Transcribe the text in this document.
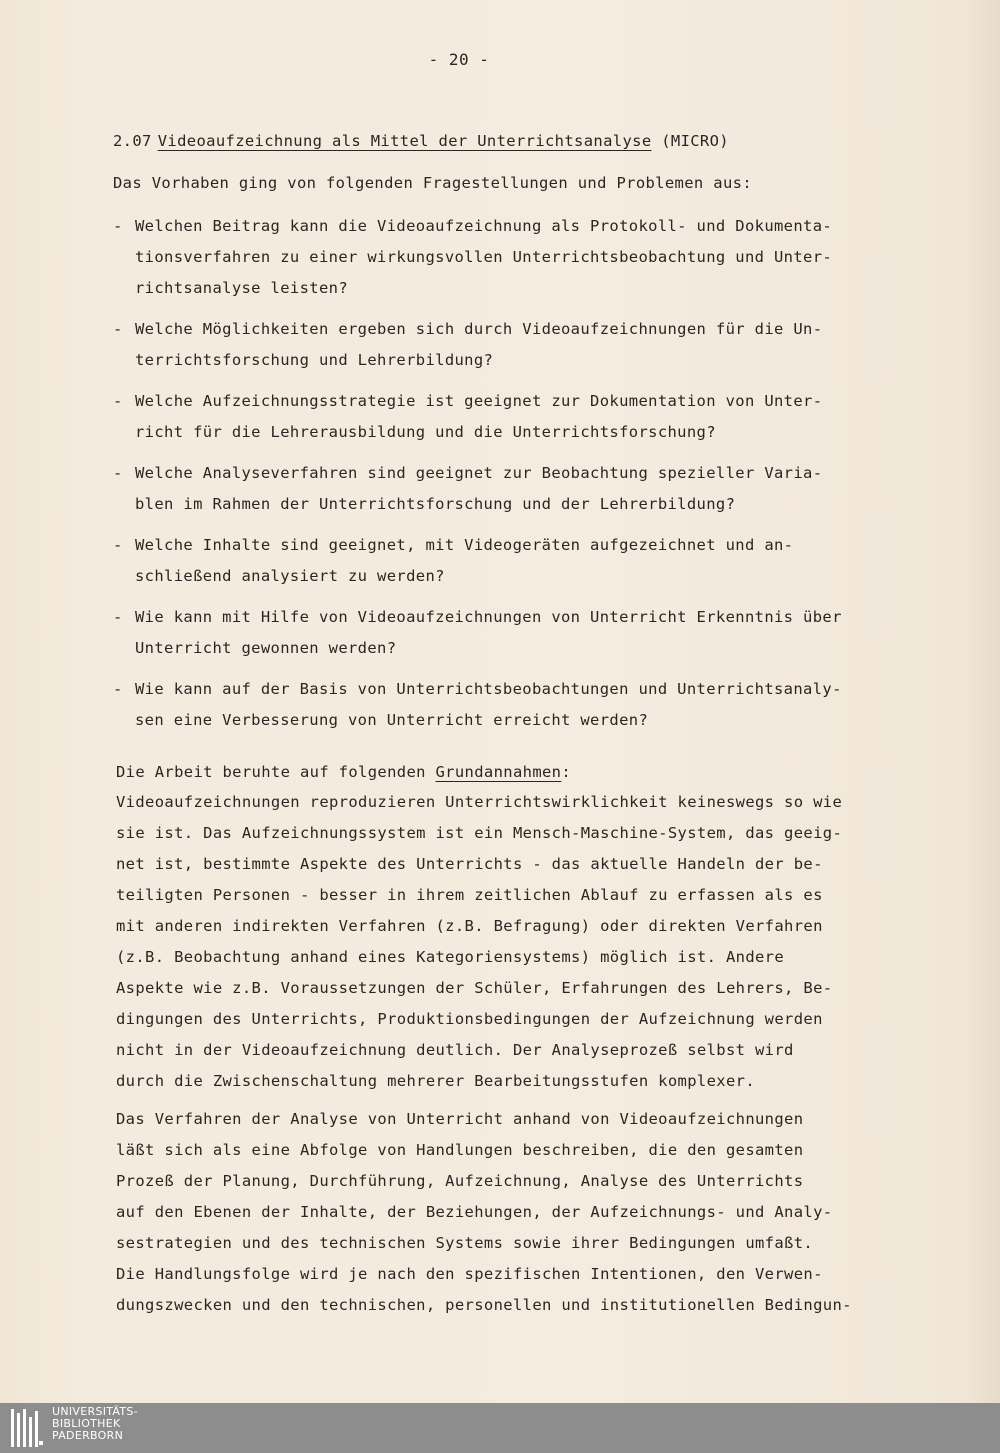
- 20 -
2.07 Videoaufzeichnung als Mittel der Unterrichtsanalyse (MICRO)
Das Vorhaben ging von folgenden Fragestellungen und Problemen aus:
- Welchen Beitrag kann die Videoaufzeichnung als Protokoll- und Dokumenta-
tionsverfahren zu einer wirkungsvollen Unterrichtsbeobachtung und Unter-
richtsanalyse leisten?
- Welche Möglichkeiten ergeben sich durch Videoaufzeichnungen für die Un-
terrichtsforschung und Lehrerbildung?
- Welche Aufzeichnungsstrategie ist geeignet zur Dokumentation von Unter-
richt für die Lehrerausbildung und die Unterrichtsforschung?
- Welche Analyseverfahren sind geeignet zur Beobachtung spezieller Varia-
blen im Rahmen der Unterrichtsforschung und der Lehrerbildung?
- Welche Inhalte sind geeignet, mit Videogeräten aufgezeichnet und an-
schließend analysiert zu werden?
- Wie kann mit Hilfe von Videoaufzeichnungen von Unterricht Erkenntnis über
Unterricht gewonnen werden?
- Wie kann auf der Basis von Unterrichtsbeobachtungen und Unterrichtsanaly-
sen eine Verbesserung von Unterricht erreicht werden?
Die Arbeit beruhte auf folgenden Grundannahmen:
Videoaufzeichnungen reproduzieren Unterrichtswirklichkeit keineswegs so wie
sie ist. Das Aufzeichnungssystem ist ein Mensch-Maschine-System, das geeig-
net ist, bestimmte Aspekte des Unterrichts - das aktuelle Handeln der be-
teiligten Personen - besser in ihrem zeitlichen Ablauf zu erfassen als es
mit anderen indirekten Verfahren (z.B. Befragung) oder direkten Verfahren
(z.B. Beobachtung anhand eines Kategoriensystems) möglich ist. Andere
Aspekte wie z.B. Voraussetzungen der Schüler, Erfahrungen des Lehrers, Be-
dingungen des Unterrichts, Produktionsbedingungen der Aufzeichnung werden
nicht in der Videoaufzeichnung deutlich. Der Analyseprozeß selbst wird
durch die Zwischenschaltung mehrerer Bearbeitungsstufen komplexer.
Das Verfahren der Analyse von Unterricht anhand von Videoaufzeichnungen
läßt sich als eine Abfolge von Handlungen beschreiben, die den gesamten
Prozeß der Planung, Durchführung, Aufzeichnung, Analyse des Unterrichts
auf den Ebenen der Inhalte, der Beziehungen, der Aufzeichnungs- und Analy-
sestrategien und des technischen Systems sowie ihrer Bedingungen umfaßt.
Die Handlungsfolge wird je nach den spezifischen Intentionen, den Verwen-
dungszwecken und den technischen, personellen und institutionellen Bedingun-
UNIVERSITÄTS-
BIBLIOTHEK
PADERBORN
